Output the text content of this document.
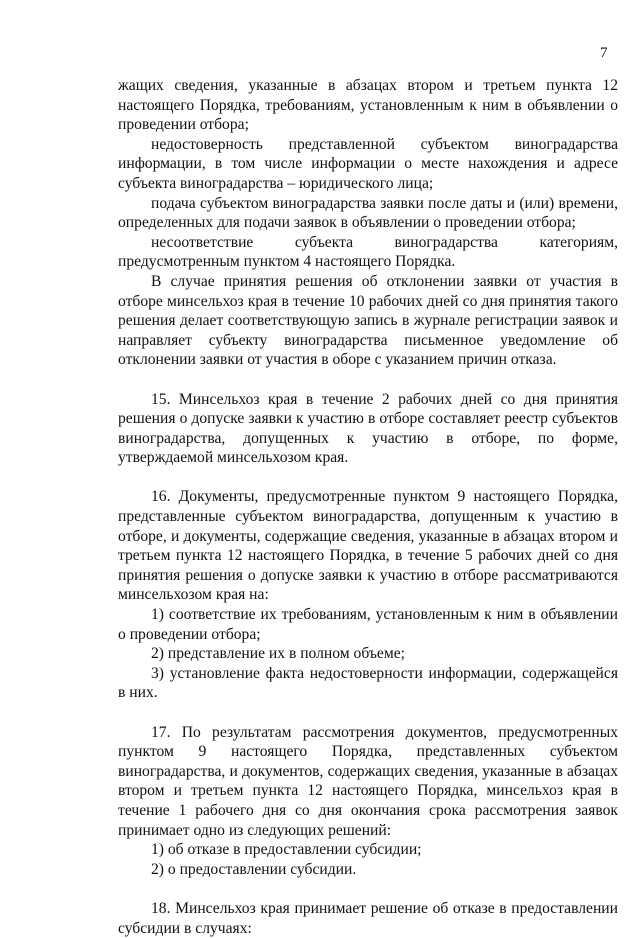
7

жащих сведения, указанные в абзацах втором и третьем пункта 12 настоящего Порядка, требованиям, установленным к ним в объявлении о проведении отбора;

недостоверность представленной субъектом виноградарства информации, в том числе информации о месте нахождения и адресе субъекта виноградарства – юридического лица;

подача субъектом виноградарства заявки после даты и (или) времени, определенных для подачи заявок в объявлении о проведении отбора;

несоответствие субъекта виноградарства категориям, предусмотренным пунктом 4 настоящего Порядка.

В случае принятия решения об отклонении заявки от участия в отборе минсельхоз края в течение 10 рабочих дней со дня принятия такого решения делает соответствующую запись в журнале регистрации заявок и направляет субъекту виноградарства письменное уведомление об отклонении заявки от участия в оборе с указанием причин отказа.

15. Минсельхоз края в течение 2 рабочих дней со дня принятия решения о допуске заявки к участию в отборе составляет реестр субъектов виноградарства, допущенных к участию в отборе, по форме, утверждаемой минсельхозом края.

16. Документы, предусмотренные пунктом 9 настоящего Порядка, представленные субъектом виноградарства, допущенным к участию в отборе, и документы, содержащие сведения, указанные в абзацах втором и третьем пункта 12 настоящего Порядка, в течение 5 рабочих дней со дня принятия решения о допуске заявки к участию в отборе рассматриваются минсельхозом края на:

1) соответствие их требованиям, установленным к ним в объявлении о проведении отбора;

2) представление их в полном объеме;

3) установление факта недостоверности информации, содержащейся в них.

17. По результатам рассмотрения документов, предусмотренных пунктом 9 настоящего Порядка, представленных субъектом виноградарства, и документов, содержащих сведения, указанные в абзацах втором и третьем пункта 12 настоящего Порядка, минсельхоз края в течение 1 рабочего дня со дня окончания срока рассмотрения заявок принимает одно из следующих решений:

1) об отказе в предоставлении субсидии;

2) о предоставлении субсидии.

18. Минсельхоз края принимает решение об отказе в предоставлении субсидии в случаях:
